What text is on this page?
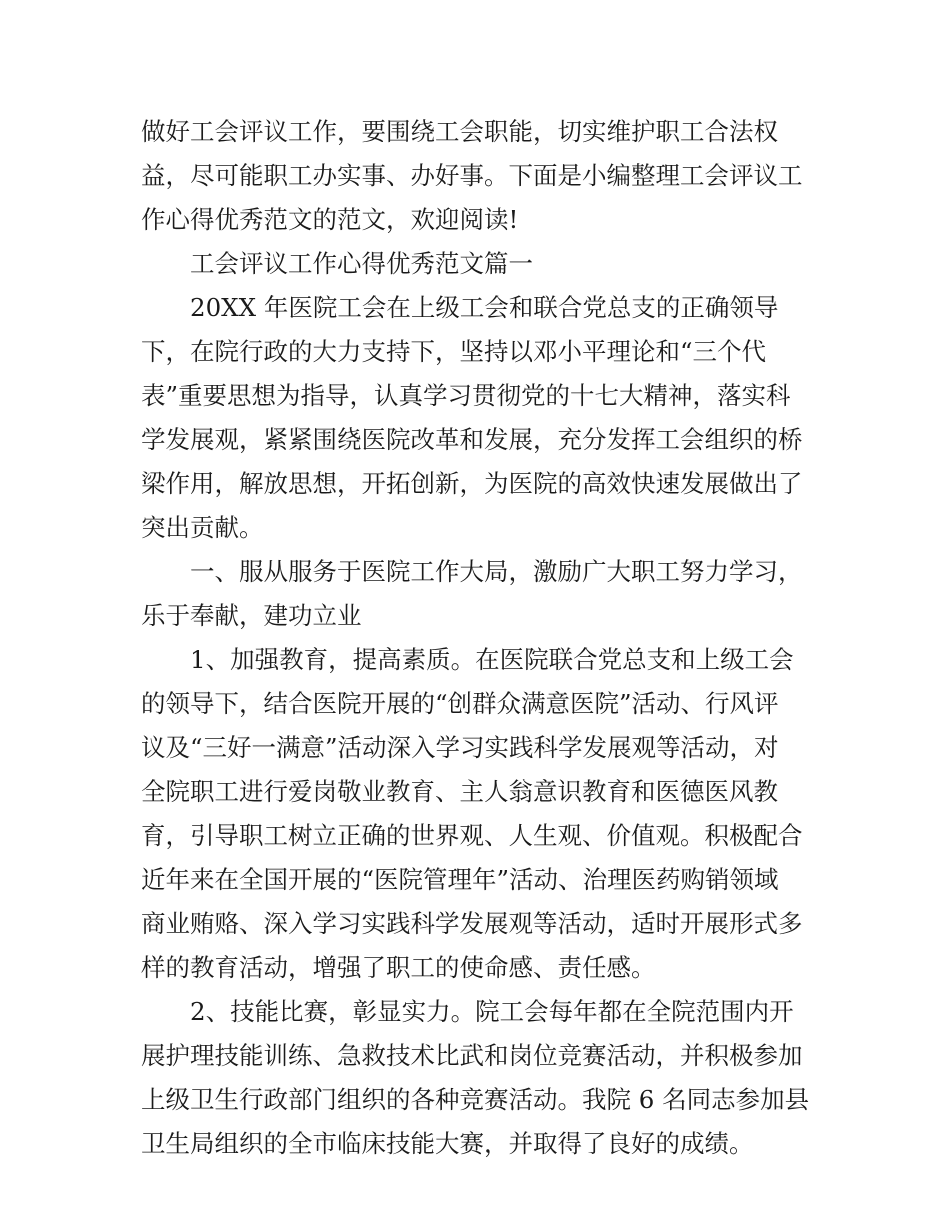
做好工会评议工作，要围绕工会职能，切实维护职工合法权
益，尽可能职工办实事、办好事。下面是小编整理工会评议工
作心得优秀范文的范文，欢迎阅读!
工会评议工作心得优秀范文篇一
20XX 年医院工会在上级工会和联合党总支的正确领导
下，在院行政的大力支持下，坚持以邓小平理论和“三个代
表”重要思想为指导，认真学习贯彻党的十七大精神，落实科
学发展观，紧紧围绕医院改革和发展，充分发挥工会组织的桥
梁作用，解放思想，开拓创新，为医院的高效快速发展做出了
突出贡献。
一、服从服务于医院工作大局，激励广大职工努力学习，
乐于奉献，建功立业
1、加强教育，提高素质。在医院联合党总支和上级工会
的领导下，结合医院开展的“创群众满意医院”活动、行风评
议及“三好一满意”活动深入学习实践科学发展观等活动，对
全院职工进行爱岗敬业教育、主人翁意识教育和医德医风教
育，引导职工树立正确的世界观、人生观、价值观。积极配合
近年来在全国开展的“医院管理年”活动、治理医药购销领域
商业贿赂、深入学习实践科学发展观等活动，适时开展形式多
样的教育活动，增强了职工的使命感、责任感。
2、技能比赛，彰显实力。院工会每年都在全院范围内开
展护理技能训练、急救技术比武和岗位竞赛活动，并积极参加
上级卫生行政部门组织的各种竞赛活动。我院 6 名同志参加县
卫生局组织的全市临床技能大赛，并取得了良好的成绩。
